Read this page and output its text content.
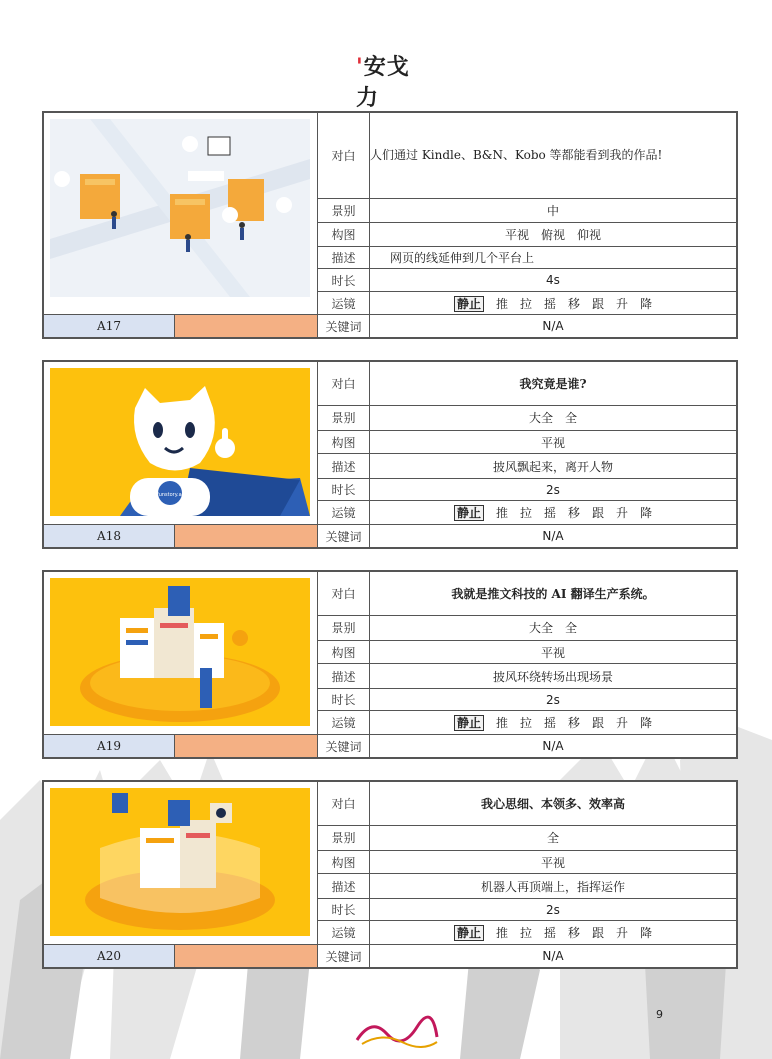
'安戈力
	对白	人们通过 Kindle、B&N、Kobo 等都能看到我的作品!
		景别	中
		构图	平视　俯视　仰视
		描述	网页的线延伸到几个平台上
		时长	4s
		运镜	静止 推 拉 摇 移 跟 升 降
A17		关键词	N/A
funstory.ai		对白	我究竟是谁?
		景别	大全　全
		构图	平视
		描述	披风飘起来，离开人物
		时长	2s
		运镜	静止 推 拉 摇 移 跟 升 降
A18		关键词	N/A
	对白	我就是推文科技的 AI 翻译生产系统。
		景别	大全　全
		构图	平视
		描述	披风环绕转场出现场景
		时长	2s
		运镜	静止 推 拉 摇 移 跟 升 降
A19		关键词	N/A
	对白	我心思细、本领多、效率高
		景别	全
		构图	平视
		描述	机器人再顶端上，指挥运作
		时长	2s
		运镜	静止 推 拉 摇 移 跟 升 降
A20		关键词	N/A
9
